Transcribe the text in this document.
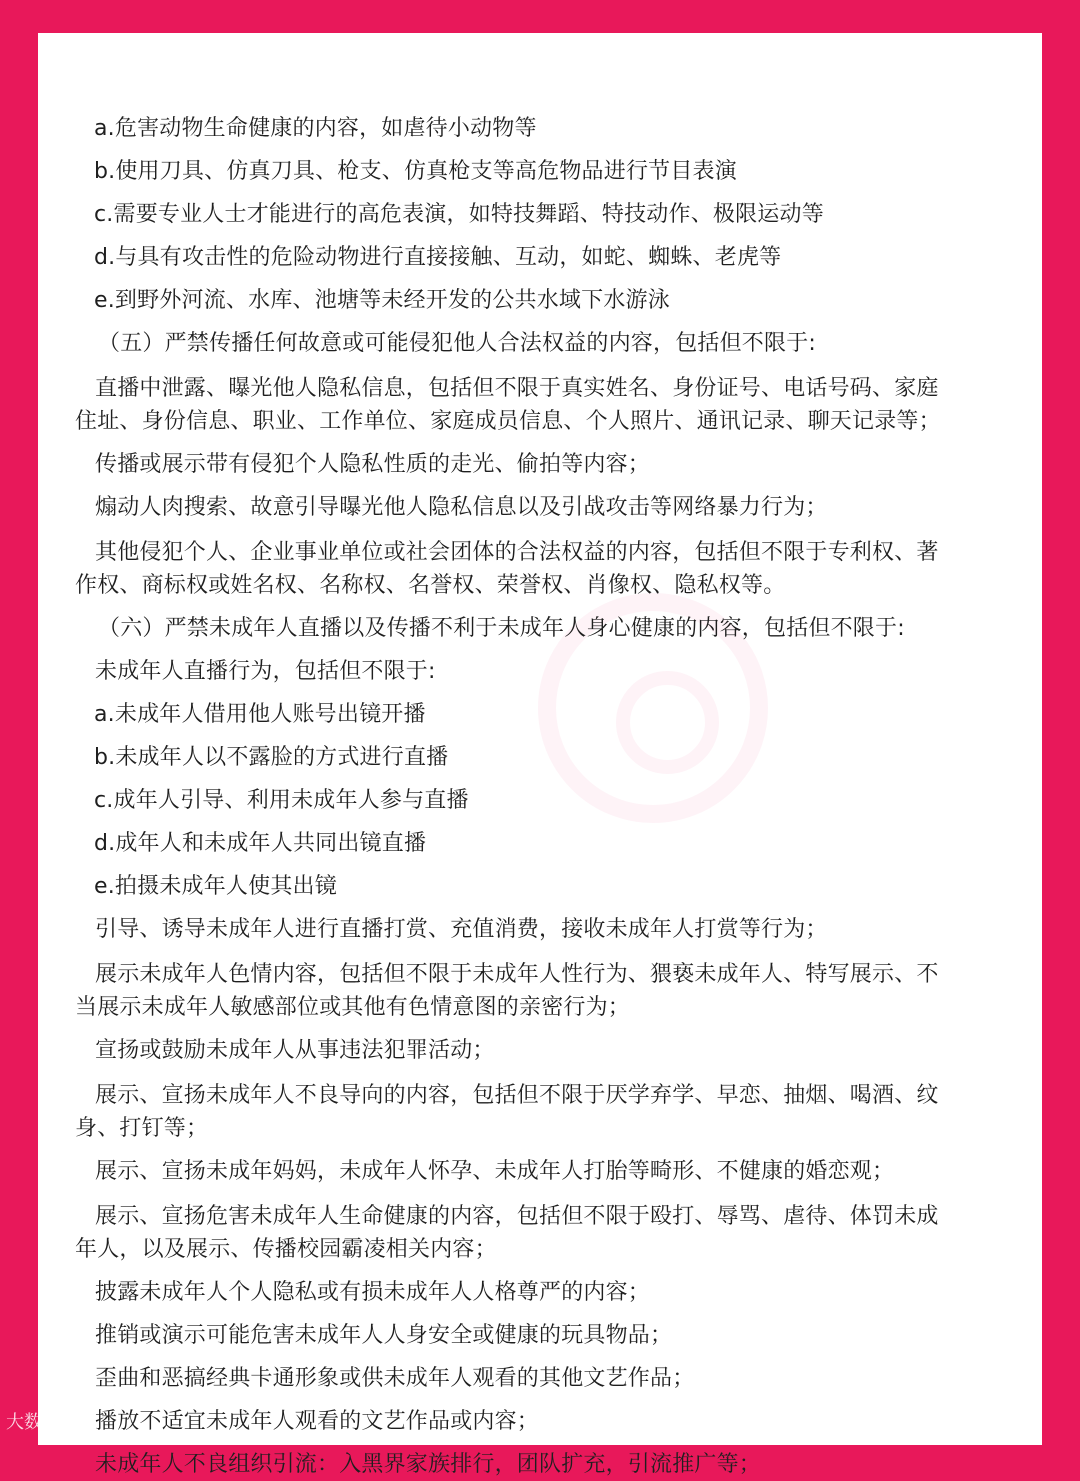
a.危害动物生命健康的内容，如虐待小动物等
b.使用刀具、仿真刀具、枪支、仿真枪支等高危物品进行节目表演
c.需要专业人士才能进行的高危表演，如特技舞蹈、特技动作、极限运动等
d.与具有攻击性的危险动物进行直接接触、互动，如蛇、蜘蛛、老虎等
e.到野外河流、水库、池塘等未经开发的公共水域下水游泳
（五）严禁传播任何故意或可能侵犯他人合法权益的内容，包括但不限于:
直播中泄露、曝光他人隐私信息，包括但不限于真实姓名、身份证号、电话号码、家庭
住址、身份信息、职业、工作单位、家庭成员信息、个人照片、通讯记录、聊天记录等；
传播或展示带有侵犯个人隐私性质的走光、偷拍等内容；
煽动人肉搜索、故意引导曝光他人隐私信息以及引战攻击等网络暴力行为；
其他侵犯个人、企业事业单位或社会团体的合法权益的内容，包括但不限于专利权、著
作权、商标权或姓名权、名称权、名誉权、荣誉权、肖像权、隐私权等。
（六）严禁未成年人直播以及传播不利于未成年人身心健康的内容，包括但不限于:
未成年人直播行为，包括但不限于:
a.未成年人借用他人账号出镜开播
b.未成年人以不露脸的方式进行直播
c.成年人引导、利用未成年人参与直播
d.成年人和未成年人共同出镜直播
e.拍摄未成年人使其出镜
引导、诱导未成年人进行直播打赏、充值消费，接收未成年人打赏等行为；
展示未成年人色情内容，包括但不限于未成年人性行为、猥亵未成年人、特写展示、不
当展示未成年人敏感部位或其他有色情意图的亲密行为；
宣扬或鼓励未成年人从事违法犯罪活动；
展示、宣扬未成年人不良导向的内容，包括但不限于厌学弃学、早恋、抽烟、喝酒、纹
身、打钉等；
展示、宣扬未成年妈妈，未成年人怀孕、未成年人打胎等畸形、不健康的婚恋观；
展示、宣扬危害未成年人生命健康的内容，包括但不限于殴打、辱骂、虐待、体罚未成
年人，以及展示、传播校园霸凌相关内容；
披露未成年人个人隐私或有损未成年人人格尊严的内容；
推销或演示可能危害未成年人人身安全或健康的玩具物品；
歪曲和恶搞经典卡通形象或供未成年人观看的其他文艺作品；
播放不适宜未成年人观看的文艺作品或内容；
未成年人不良组织引流：入黑界家族排行，团队扩充，引流推广等；
大数跨境
